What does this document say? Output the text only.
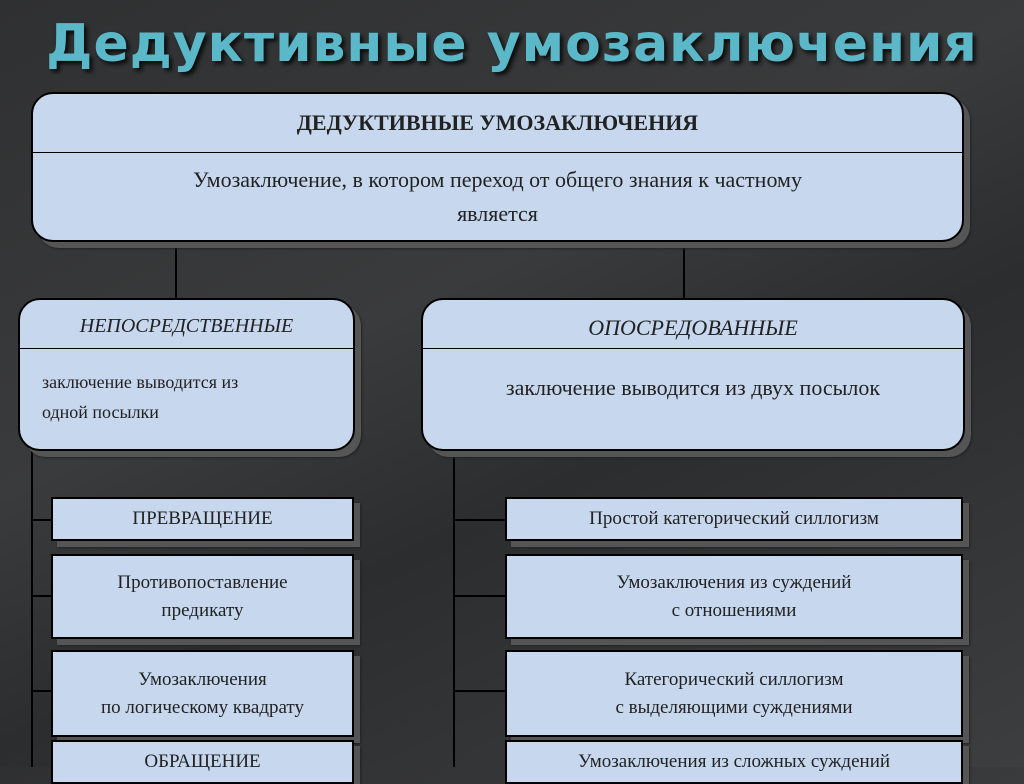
Дедуктивные умозаключения
ДЕДУКТИВНЫЕ УМОЗАКЛЮЧЕНИЯ
Умозаключение, в котором переход от общего знания к частному
является
НЕПОСРЕДСТВЕННЫЕ
заключение выводится из
одной посылки
ОПОСРЕДОВАННЫЕ
заключение выводится из двух посылок
ПРЕВРАЩЕНИЕ
Противопоставление
предикату
Умозаключения
по логическому квадрату
ОБРАЩЕНИЕ
Простой категорический силлогизм
Умозаключения из суждений
с отношениями
Категорический силлогизм
с выделяющими суждениями
Умозаключения из сложных суждений
